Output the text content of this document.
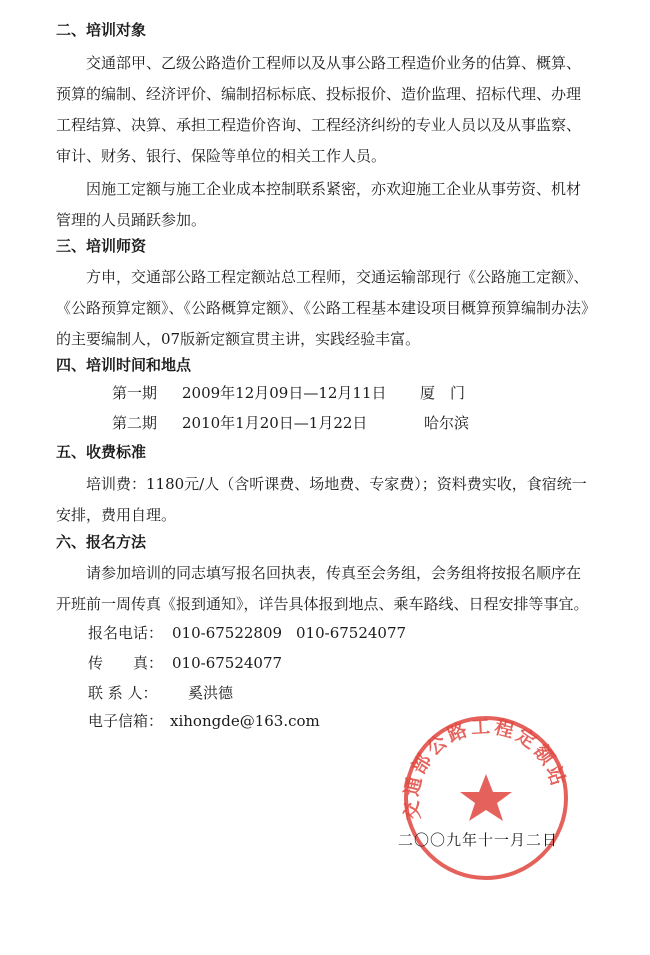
二、培训对象
交通部甲、乙级公路造价工程师以及从事公路工程造价业务的估算、概算、
预算的编制、经济评价、编制招标标底、投标报价、造价监理、招标代理、办理
工程结算、决算、承担工程造价咨询、工程经济纠纷的专业人员以及从事监察、
审计、财务、银行、保险等单位的相关工作人员。
因施工定额与施工企业成本控制联系紧密，亦欢迎施工企业从事劳资、机材
管理的人员踊跃参加。
三、培训师资
方申，交通部公路工程定额站总工程师，交通运输部现行《公路施工定额》、
《公路预算定额》、《公路概算定额》、《公路工程基本建设项目概算预算编制办法》
的主要编制人，07版新定额宣贯主讲，实践经验丰富。
四、培训时间和地点
第一期 2009年12月09日—12月11日 厦　门
第二期 2010年1月20日—1月22日	哈尔滨
五、收费标准
培训费：1180元/人（含听课费、场地费、专家费）；资料费实收，食宿统一
安排，费用自理。
六、报名方法
请参加培训的同志填写报名回执表，传真至会务组，会务组将按报名顺序在
开班前一周传真《报到通知》，详告具体报到地点、乘车路线、日程安排等事宜。
报名电话： 010-67522809 010-67524077
传　　真： 010-67524077
联 系 人： 奚洪德
电子信箱： xihongde@163.com
交通部公路工程定额站
二〇〇九年十一月二日
